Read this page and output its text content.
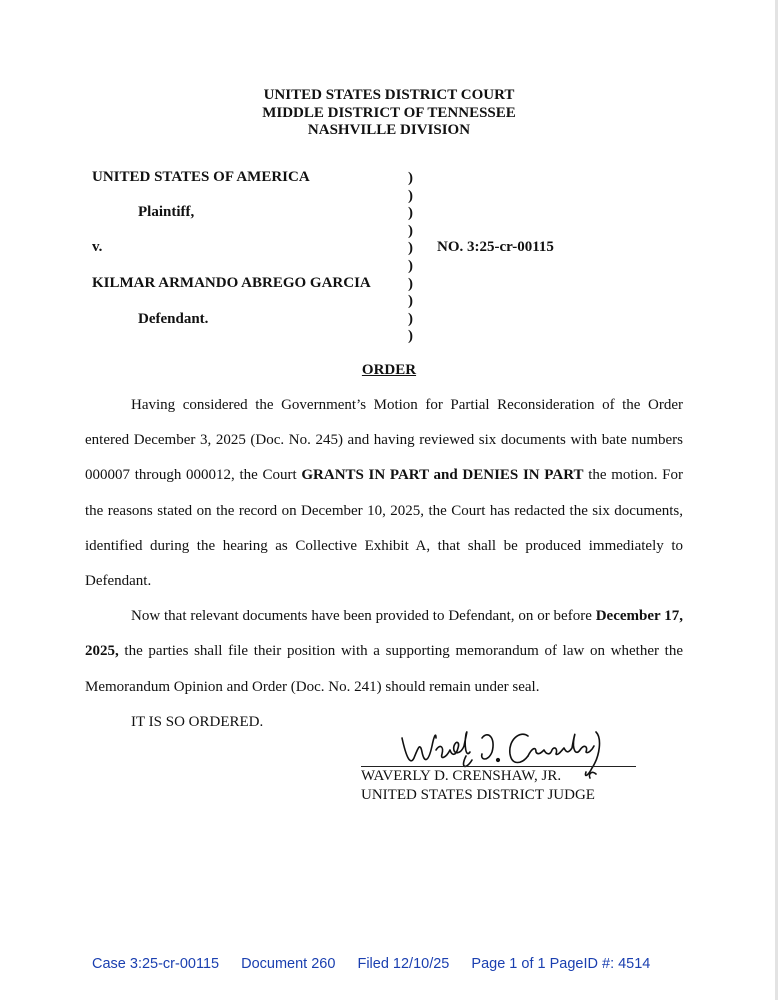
UNITED STATES DISTRICT COURT
MIDDLE DISTRICT OF TENNESSEE
NASHVILLE DIVISION
UNITED STATES OF AMERICA
Plaintiff,
v.
KILMAR ARMANDO ABREGO GARCIA
Defendant.
NO. 3:25-cr-00115
)
)
)
)
)
)
)
)
)
)
ORDER

Having considered the Government’s Motion for Partial Reconsideration of the Order entered December 3, 2025 (Doc. No. 245) and having reviewed six documents with bate numbers 000007 through 000012, the Court GRANTS IN PART and DENIES IN PART the motion. For the reasons stated on the record on December 10, 2025, the Court has redacted the six documents, identified during the hearing as Collective Exhibit A, that shall be produced immediately to Defendant.

Now that relevant documents have been provided to Defendant, on or before December 17, 2025, the parties shall file their position with a supporting memorandum of law on whether the Memorandum Opinion and Order (Doc. No. 241) should remain under seal.

IT IS SO ORDERED.
WAVERLY D. CRENSHAW, JR.
UNITED STATES DISTRICT JUDGE
Case 3:25-cr-00115 Document 260 Filed 12/10/25 Page 1 of 1 PageID #: 4514
